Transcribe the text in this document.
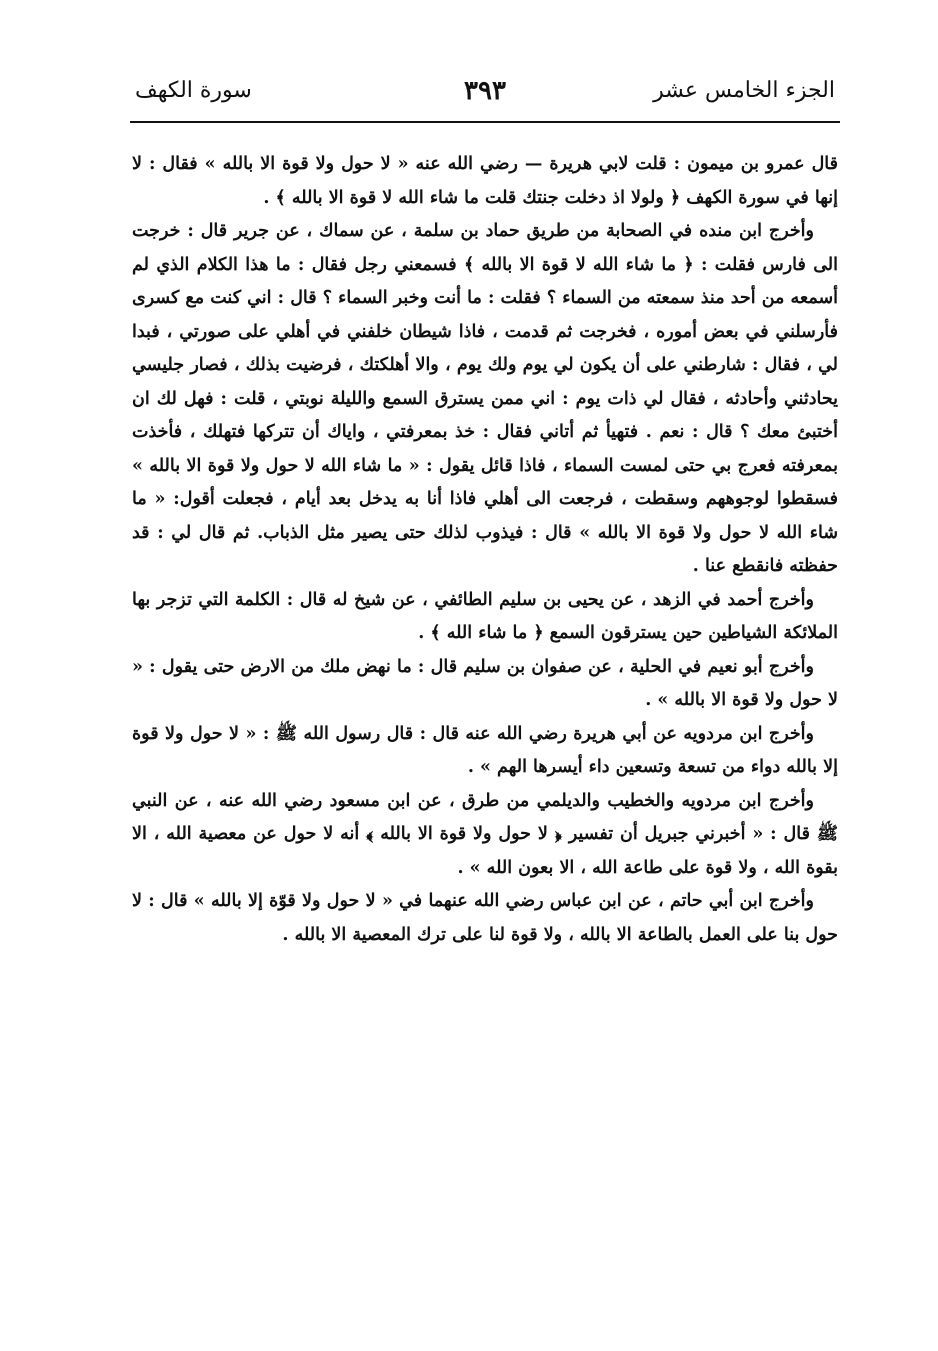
الجزء الخامس عشر
٣٩٣
سورة الكهف

قال عمرو بن ميمون : قلت لابي هريرة — رضي الله عنه « لا حول ولا قوة الا بالله » فقال : لا إنها في سورة الكهف ﴿ ولولا اذ دخلت جنتك قلت ما شاء الله لا قوة الا بالله ﴾ .

وأخرج ابن منده في الصحابة من طريق حماد بن سلمة ، عن سماك ، عن جرير قال : خرجت الى فارس فقلت : ﴿ ما شاء الله لا قوة الا بالله ﴾ فسمعني رجل فقال : ما هذا الكلام الذي لم أسمعه من أحد منذ سمعته من السماء ؟ فقلت : ما أنت وخبر السماء ؟ قال : اني كنت مع كسرى فأرسلني في بعض أموره ، فخرجت ثم قدمت ، فاذا شيطان خلفني في أهلي على صورتي ، فبدا لي ، فقال : شارطني على أن يكون لي يوم ولك يوم ، والا أهلكتك ، فرضيت بذلك ، فصار جليسي يحادثني وأحادثه ، فقال لي ذات يوم : اني ممن يسترق السمع والليلة نوبتي ، قلت : فهل لك ان أختبئ معك ؟ قال : نعم . فتهيأ ثم أتاني فقال : خذ بمعرفتي ، واياك أن تتركها فتهلك ، فأخذت بمعرفته فعرج بي حتى لمست السماء ، فاذا قائل يقول : « ما شاء الله لا حول ولا قوة الا بالله » فسقطوا لوجوههم وسقطت ، فرجعت الى أهلي فاذا أنا به يدخل بعد أيام ، فجعلت أقول: « ما شاء الله لا حول ولا قوة الا بالله » قال : فيذوب لذلك حتى يصير مثل الذباب. ثم قال لي : قد حفظته فانقطع عنا .

وأخرج أحمد في الزهد ، عن يحيى بن سليم الطائفي ، عن شيخ له قال : الكلمة التي تزجر بها الملائكة الشياطين حين يسترقون السمع ﴿ ما شاء الله ﴾ .

وأخرج أبو نعيم في الحلية ، عن صفوان بن سليم قال : ما نهض ملك من الارض حتى يقول : « لا حول ولا قوة الا بالله » .

وأخرج ابن مردويه عن أبي هريرة رضي الله عنه قال : قال رسول الله ﷺ : « لا حول ولا قوة إلا بالله دواء من تسعة وتسعين داء أيسرها الهم » .

وأخرج ابن مردويه والخطيب والديلمي من طرق ، عن ابن مسعود رضي الله عنه ، عن النبي ﷺ قال : « أخبرني جبريل أن تفسير ﴿ لا حول ولا قوة الا بالله ﴾ أنه لا حول عن معصية الله ، الا بقوة الله ، ولا قوة على طاعة الله ، الا بعون الله » .

وأخرج ابن أبي حاتم ، عن ابن عباس رضي الله عنهما في « لا حول ولا قوّة إلا بالله » قال : لا حول بنا على العمل بالطاعة الا بالله ، ولا قوة لنا على ترك المعصية الا بالله .
